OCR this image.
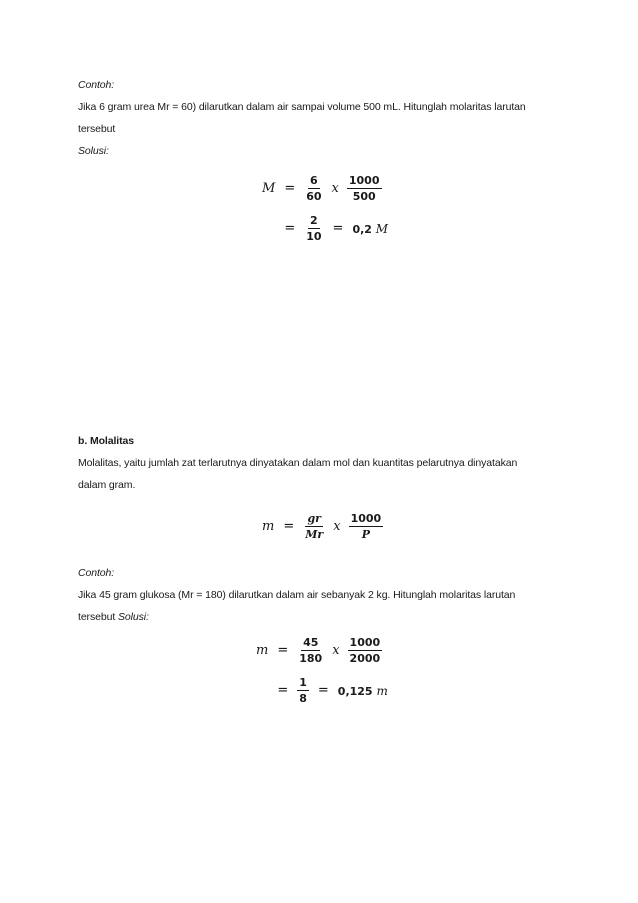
Contoh:
Jika 6 gram urea Mr = 60) dilarutkan dalam air sampai volume 500 mL. Hitunglah molaritas larutan
tersebut
Solusi:
$M = \frac{6}{60}$ x $\frac{1000}{500}$
= $\frac{2}{10} = 0,2$ M
b. Molalitas
Molalitas, yaitu jumlah zat terlarutnya dinyatakan dalam mol dan kuantitas pelarutnya dinyatakan
dalam gram.
$m = \frac{gr}{Mr}$ x $\frac{1000}{P}$
Contoh:
Jika 45 gram glukosa (Mr = 180) dilarutkan dalam air sebanyak 2 kg. Hitunglah molaritas larutan
tersebut Solusi:
$m = \frac{45}{180}$ x $\frac{1000}{2000}$
= $\frac{1}{8} = 0,125$ m
